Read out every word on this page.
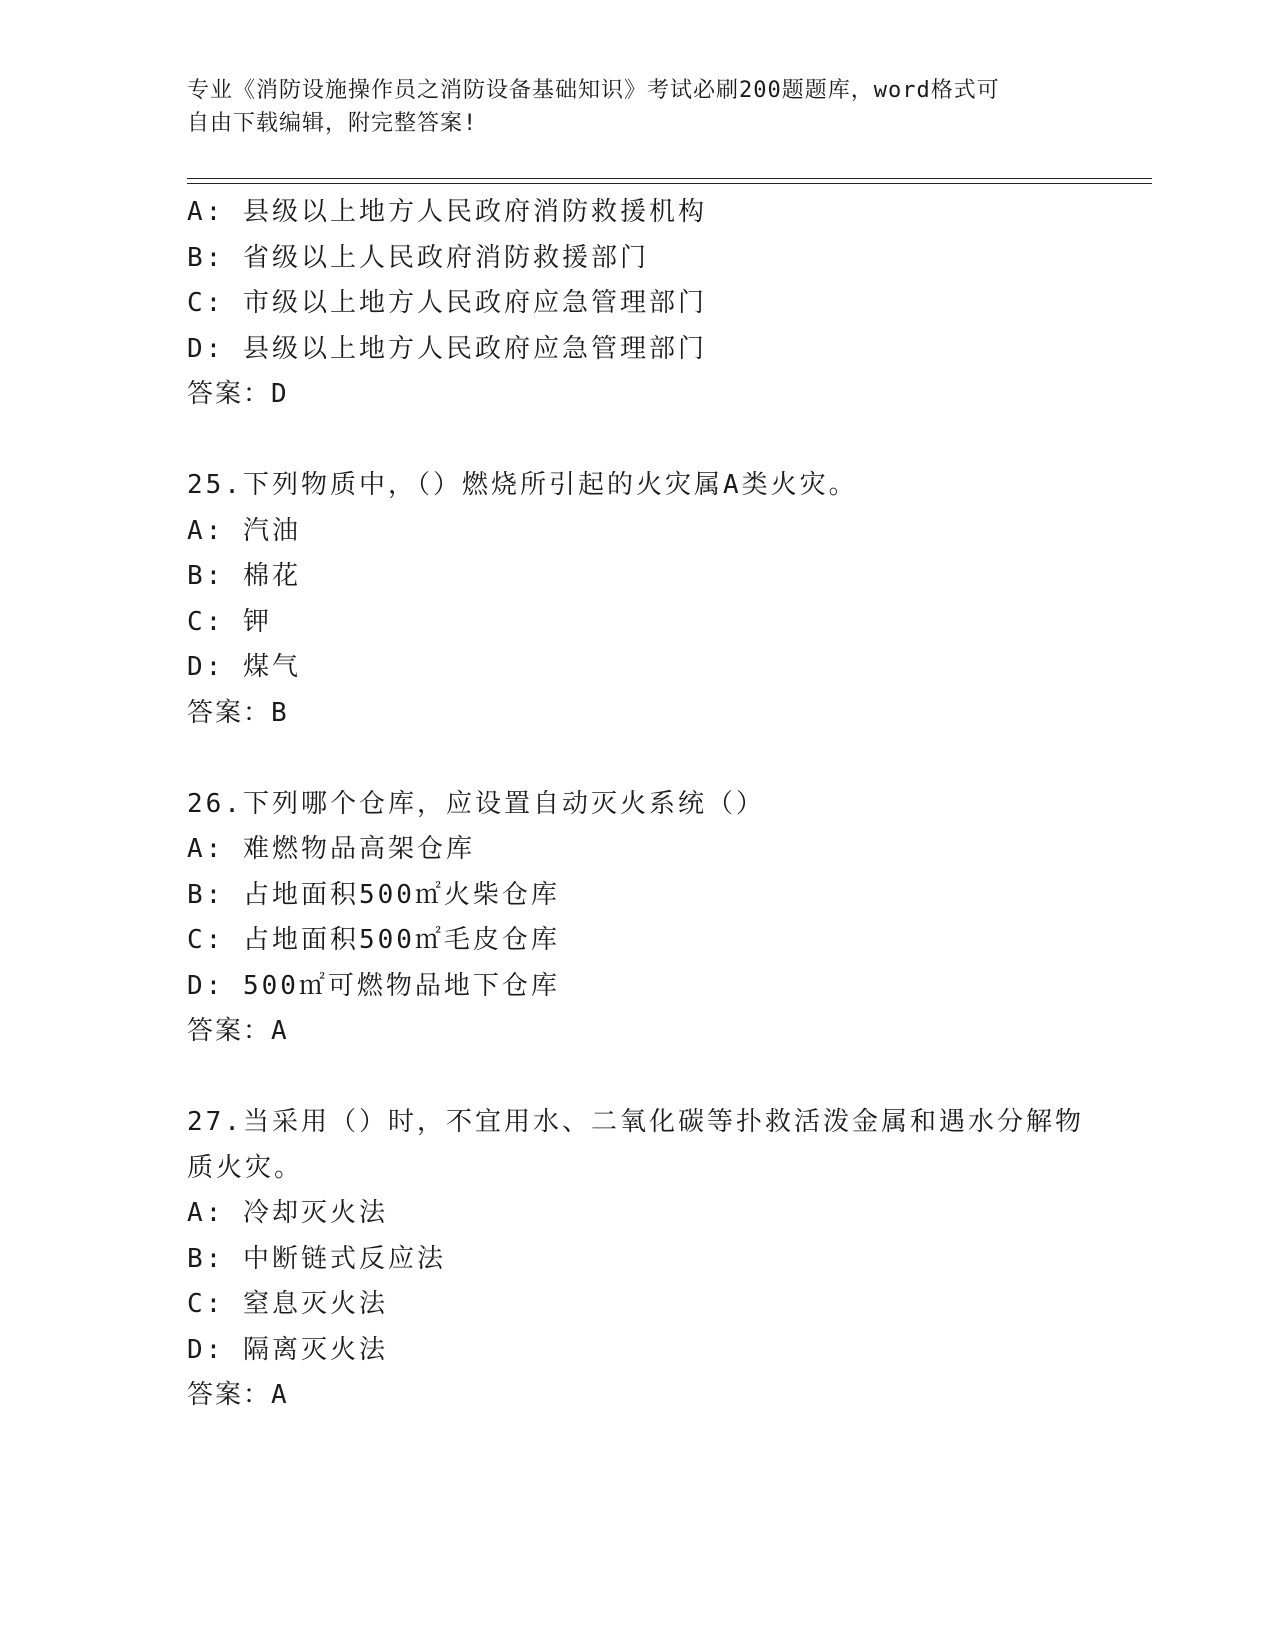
专业《消防设施操作员之消防设备基础知识》考试必刷200题题库，word格式可
自由下载编辑，附完整答案!
A: 县级以上地方人民政府消防救援机构
B: 省级以上人民政府消防救援部门
C: 市级以上地方人民政府应急管理部门
D: 县级以上地方人民政府应急管理部门
答案：D
25.下列物质中，（）燃烧所引起的火灾属A类火灾。
A: 汽油
B: 棉花
C: 钾
D: 煤气
答案：B
26.下列哪个仓库，应设置自动灭火系统（）
A: 难燃物品高架仓库
B: 占地面积500㎡火柴仓库
C: 占地面积500㎡毛皮仓库
D: 500㎡可燃物品地下仓库
答案：A
27.当采用（）时，不宜用水、二氧化碳等扑救活泼金属和遇水分解物
质火灾。
A: 冷却灭火法
B: 中断链式反应法
C: 窒息灭火法
D: 隔离灭火法
答案：A
